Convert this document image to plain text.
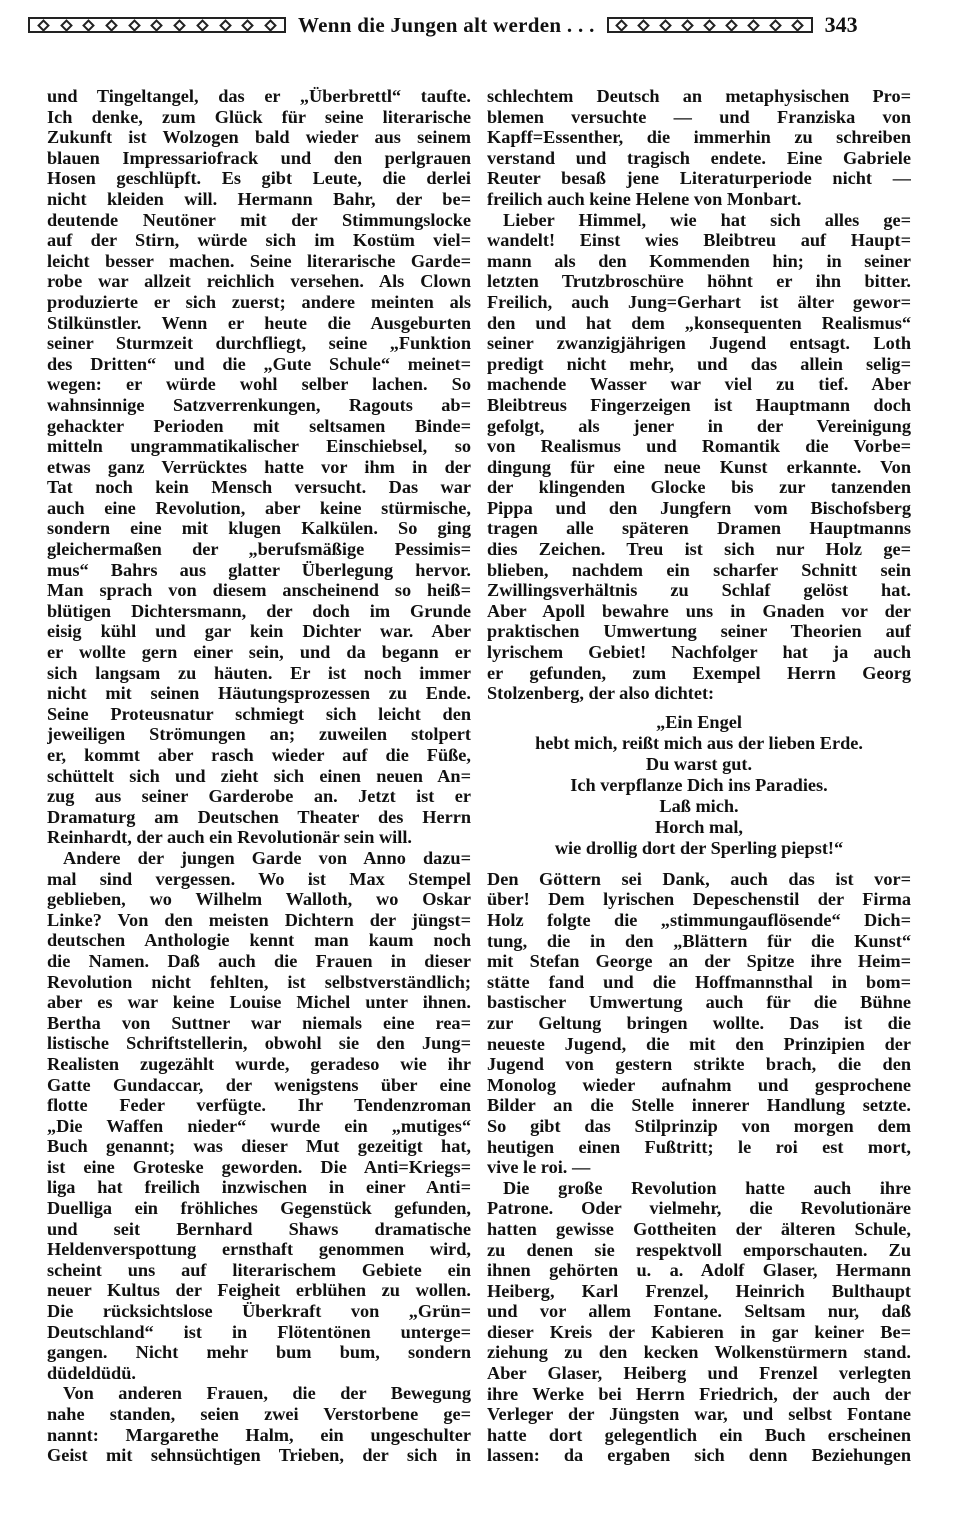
Wenn die Jungen alt werden . . .	343
und Tingeltangel, das er „Überbrettl“ taufte.
Ich denke, zum Glück für seine literarische
Zukunft ist Wolzogen bald wieder aus seinem
blauen Impressariofrack und den perlgrauen
Hosen geschlüpft. Es gibt Leute, die derlei
nicht kleiden will. Hermann Bahr, der be=
deutende Neutöner mit der Stimmungslocke
auf der Stirn, würde sich im Kostüm viel=
leicht besser machen. Seine literarische Garde=
robe war allzeit reichlich versehen. Als Clown
produzierte er sich zuerst; andere meinten als
Stilkünstler. Wenn er heute die Ausgeburten
seiner Sturmzeit durchfliegt, seine „Funktion
des Dritten“ und die „Gute Schule“ meinet=
wegen: er würde wohl selber lachen. So
wahnsinnige Satzverrenkungen, Ragouts ab=
gehackter Perioden mit seltsamen Binde=
mitteln ungrammatikalischer Einschiebsel, so
etwas ganz Verrücktes hatte vor ihm in der
Tat noch kein Mensch versucht. Das war
auch eine Revolution, aber keine stürmische,
sondern eine mit klugen Kalkülen. So ging
gleichermaßen der „berufsmäßige Pessimis=
mus“ Bahrs aus glatter Überlegung hervor.
Man sprach von diesem anscheinend so heiß=
blütigen Dichtersmann, der doch im Grunde
eisig kühl und gar kein Dichter war. Aber
er wollte gern einer sein, und da begann er
sich langsam zu häuten. Er ist noch immer
nicht mit seinen Häutungsprozessen zu Ende.
Seine Proteusnatur schmiegt sich leicht den
jeweiligen Strömungen an; zuweilen stolpert
er, kommt aber rasch wieder auf die Füße,
schüttelt sich und zieht sich einen neuen An=
zug aus seiner Garderobe an. Jetzt ist er
Dramaturg am Deutschen Theater des Herrn
Reinhardt, der auch ein Revolutionär sein will.
Andere der jungen Garde von Anno dazu=
mal sind vergessen. Wo ist Max Stempel
geblieben, wo Wilhelm Walloth, wo Oskar
Linke? Von den meisten Dichtern der jüngst=
deutschen Anthologie kennt man kaum noch
die Namen. Daß auch die Frauen in dieser
Revolution nicht fehlten, ist selbstverständlich;
aber es war keine Louise Michel unter ihnen.
Bertha von Suttner war niemals eine rea=
listische Schriftstellerin, obwohl sie den Jung=
Realisten zugezählt wurde, geradeso wie ihr
Gatte Gundaccar, der wenigstens über eine
flotte Feder verfügte. Ihr Tendenzroman
„Die Waffen nieder“ wurde ein „mutiges“
Buch genannt; was dieser Mut gezeitigt hat,
ist eine Groteske geworden. Die Anti=Kriegs=
liga hat freilich inzwischen in einer Anti=
Duelliga ein fröhliches Gegenstück gefunden,
und seit Bernhard Shaws dramatische
Heldenverspottung ernsthaft genommen wird,
scheint uns auf literarischem Gebiete ein
neuer Kultus der Feigheit erblühen zu wollen.
Die rücksichtslose Überkraft von „Grün=
Deutschland“ ist in Flötentönen unterge=
gangen. Nicht mehr bum bum, sondern
düdeldüdü.
Von anderen Frauen, die der Bewegung
nahe standen, seien zwei Verstorbene ge=
nannt: Margarethe Halm, ein ungeschulter
Geist mit sehnsüchtigen Trieben, der sich in
schlechtem Deutsch an metaphysischen Pro=
blemen versuchte — und Franziska von
Kapff=Essenther, die immerhin zu schreiben
verstand und tragisch endete. Eine Gabriele
Reuter besaß jene Literaturperiode nicht —
freilich auch keine Helene von Monbart.
Lieber Himmel, wie hat sich alles ge=
wandelt! Einst wies Bleibtreu auf Haupt=
mann als den Kommenden hin; in seiner
letzten Trutzbroschüre höhnt er ihn bitter.
Freilich, auch Jung=Gerhart ist älter gewor=
den und hat dem „konsequenten Realismus“
seiner zwanzigjährigen Jugend entsagt. Loth
predigt nicht mehr, und das allein selig=
machende Wasser war viel zu tief. Aber
Bleibtreus Fingerzeigen ist Hauptmann doch
gefolgt, als jener in der Vereinigung
von Realismus und Romantik die Vorbe=
dingung für eine neue Kunst erkannte. Von
der klingenden Glocke bis zur tanzenden
Pippa und den Jungfern vom Bischofsberg
tragen alle späteren Dramen Hauptmanns
dies Zeichen. Treu ist sich nur Holz ge=
blieben, nachdem ein scharfer Schnitt sein
Zwillingsverhältnis zu Schlaf gelöst hat.
Aber Apoll bewahre uns in Gnaden vor der
praktischen Umwertung seiner Theorien auf
lyrischem Gebiet! Nachfolger hat ja auch
er gefunden, zum Exempel Herrn Georg
Stolzenberg, der also dichtet:
„Ein Engel
hebt mich, reißt mich aus der lieben Erde.
Du warst gut.
Ich verpflanze Dich ins Paradies.
Laß mich.
Horch mal,
wie drollig dort der Sperling piepst!“
Den Göttern sei Dank, auch das ist vor=
über! Dem lyrischen Depeschenstil der Firma
Holz folgte die „stimmungauflösende“ Dich=
tung, die in den „Blättern für die Kunst“
mit Stefan George an der Spitze ihre Heim=
stätte fand und die Hoffmannsthal in bom=
bastischer Umwertung auch für die Bühne
zur Geltung bringen wollte. Das ist die
neueste Jugend, die mit den Prinzipien der
Jugend von gestern strikte brach, die den
Monolog wieder aufnahm und gesprochene
Bilder an die Stelle innerer Handlung setzte.
So gibt das Stilprinzip von morgen dem
heutigen einen Fußtritt; le roi est mort,
vive le roi. —
Die große Revolution hatte auch ihre
Patrone. Oder vielmehr, die Revolutionäre
hatten gewisse Gottheiten der älteren Schule,
zu denen sie respektvoll emporschauten. Zu
ihnen gehörten u. a. Adolf Glaser, Hermann
Heiberg, Karl Frenzel, Heinrich Bulthaupt
und vor allem Fontane. Seltsam nur, daß
dieser Kreis der Kabieren in gar keiner Be=
ziehung zu den kecken Wolkenstürmern stand.
Aber Glaser, Heiberg und Frenzel verlegten
ihre Werke bei Herrn Friedrich, der auch der
Verleger der Jüngsten war, und selbst Fontane
hatte dort gelegentlich ein Buch erscheinen
lassen: da ergaben sich denn Beziehungen
